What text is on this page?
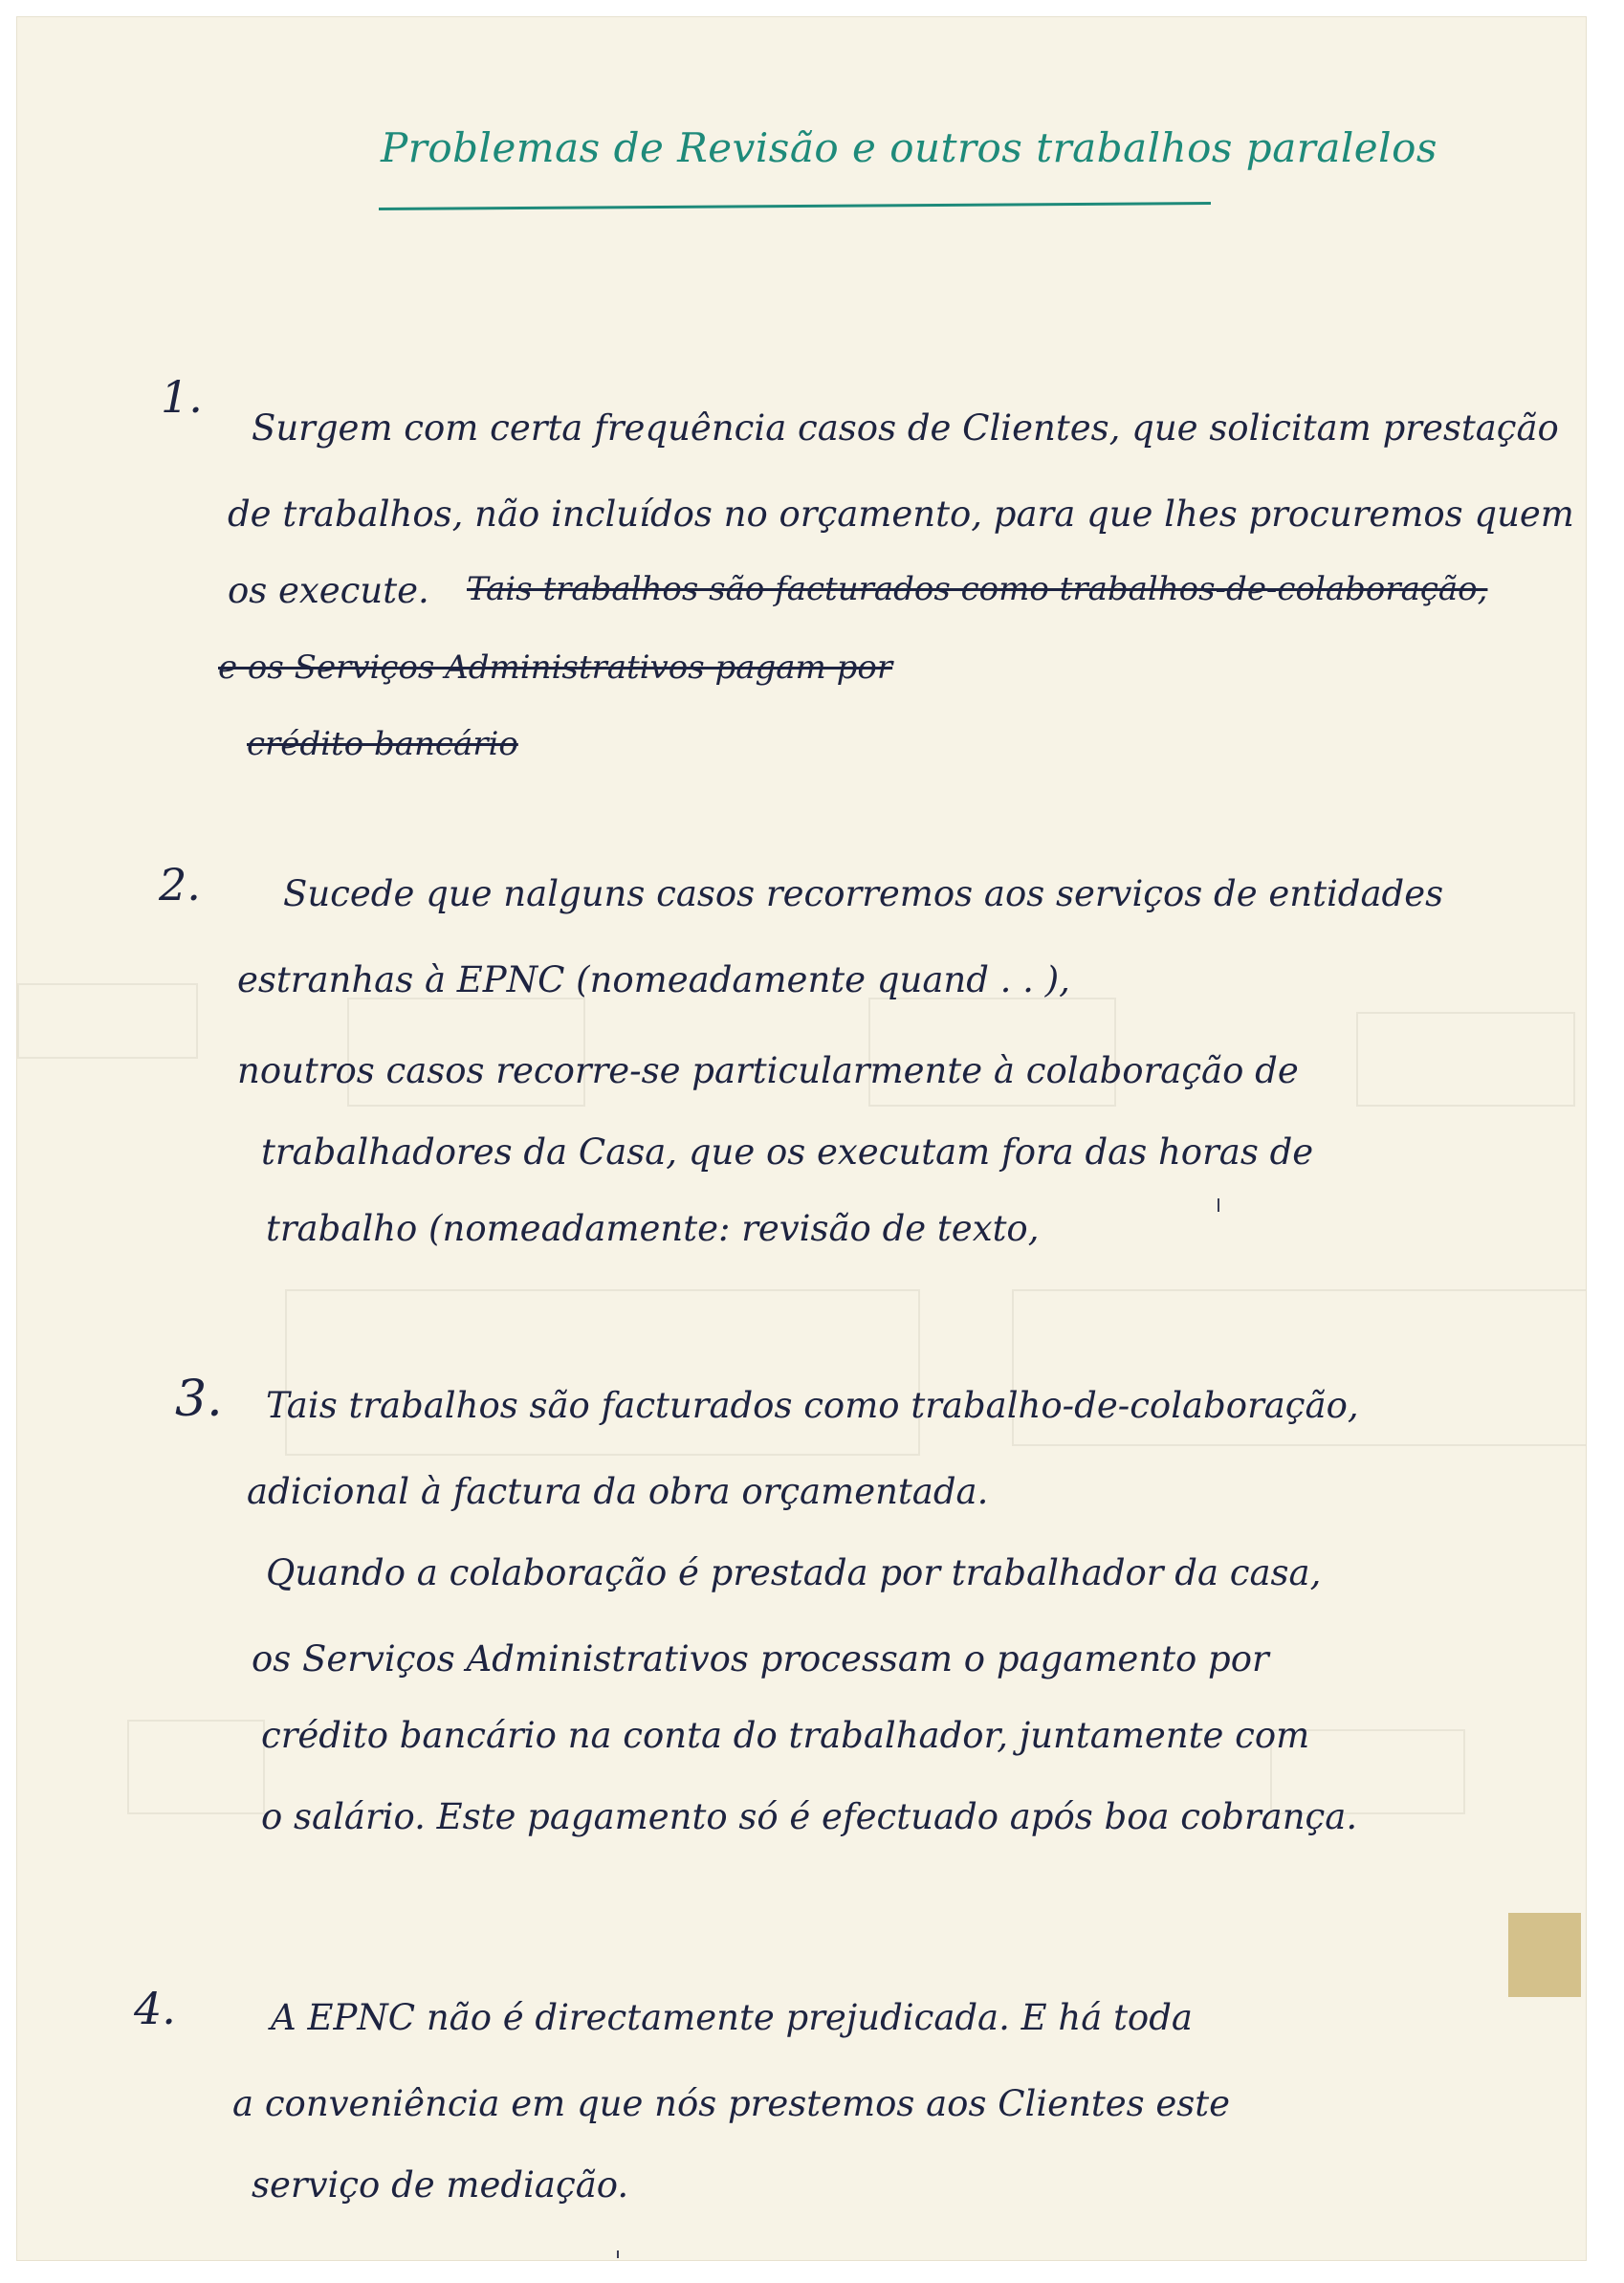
Problemas de Revisão e outros trabalhos paralelos
1.
Surgem com certa frequência casos de Clientes, que solicitam prestação
de trabalhos, não incluídos no orçamento, para que lhes procuremos quem
os execute. Tais trabalhos são facturados como trabalhos-de-colaboração,
e os Serviços Administrativos pagam por
crédito bancário
2. Sucede que nalguns casos recorremos aos serviços de entidades
estranhas à EPNC (nomeadamente quand . . ),
noutros casos recorre-se particularmente à colaboração de
trabalhadores da Casa, que os executam fora das horas de
trabalho (nomeadamente: revisão de texto,
3. Tais trabalhos são facturados como trabalho-de-colaboração,
adicional à factura da obra orçamentada.
Quando a colaboração é prestada por trabalhador da casa,
os Serviços Administrativos processam o pagamento por
crédito bancário na conta do trabalhador, juntamente com
o salário. Este pagamento só é efectuado após boa cobrança.
4.	A EPNC não é directamente prejudicada. E há toda
a conveniência em que nós prestemos aos Clientes este
serviço de mediação.
